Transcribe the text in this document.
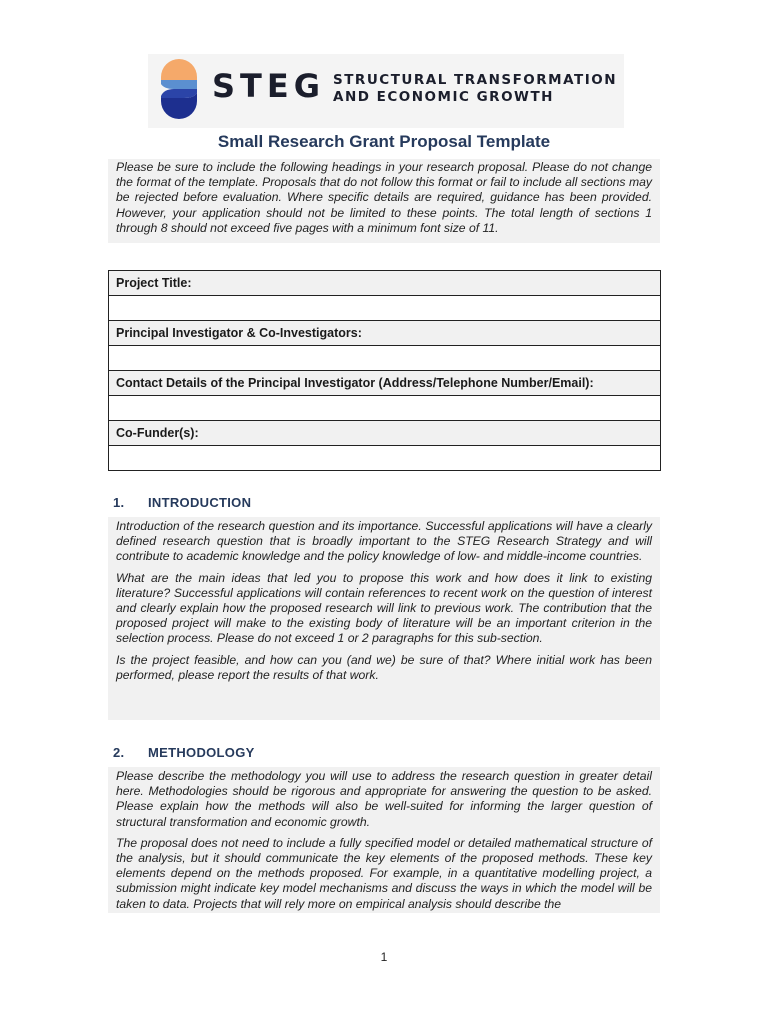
STEG STRUCTURAL TRANSFORMATION
AND ECONOMIC GROWTH
Small Research Grant Proposal Template

Please be sure to include the following headings in your research proposal. Please do not change the format of the template. Proposals that do not follow this format or fail to include all sections may be rejected before evaluation. Where specific details are required, guidance has been provided. However, your application should not be limited to these points. The total length of sections 1 through 8 should not exceed five pages with a minimum font size of 11.

Project Title:

Principal Investigator & Co-Investigators:

Contact Details of the Principal Investigator (Address/Telephone Number/Email):

Co-Funder(s):

1. INTRODUCTION

Introduction of the research question and its importance. Successful applications will have a clearly defined research question that is broadly important to the STEG Research Strategy and will contribute to academic knowledge and the policy knowledge of low- and middle-income countries.

What are the main ideas that led you to propose this work and how does it link to existing literature? Successful applications will contain references to recent work on the question of interest and clearly explain how the proposed research will link to previous work. The contribution that the proposed project will make to the existing body of literature will be an important criterion in the selection process. Please do not exceed 1 or 2 paragraphs for this sub-section.

Is the project feasible, and how can you (and we) be sure of that? Where initial work has been performed, please report the results of that work.

2. METHODOLOGY

Please describe the methodology you will use to address the research question in greater detail here. Methodologies should be rigorous and appropriate for answering the question to be asked. Please explain how the methods will also be well-suited for informing the larger question of structural transformation and economic growth.

The proposal does not need to include a fully specified model or detailed mathematical structure of the analysis, but it should communicate the key elements of the proposed methods. These key elements depend on the methods proposed. For example, in a quantitative modelling project, a submission might indicate key model mechanisms and discuss the ways in which the model will be taken to data. Projects that will rely more on empirical analysis should describe the

1
